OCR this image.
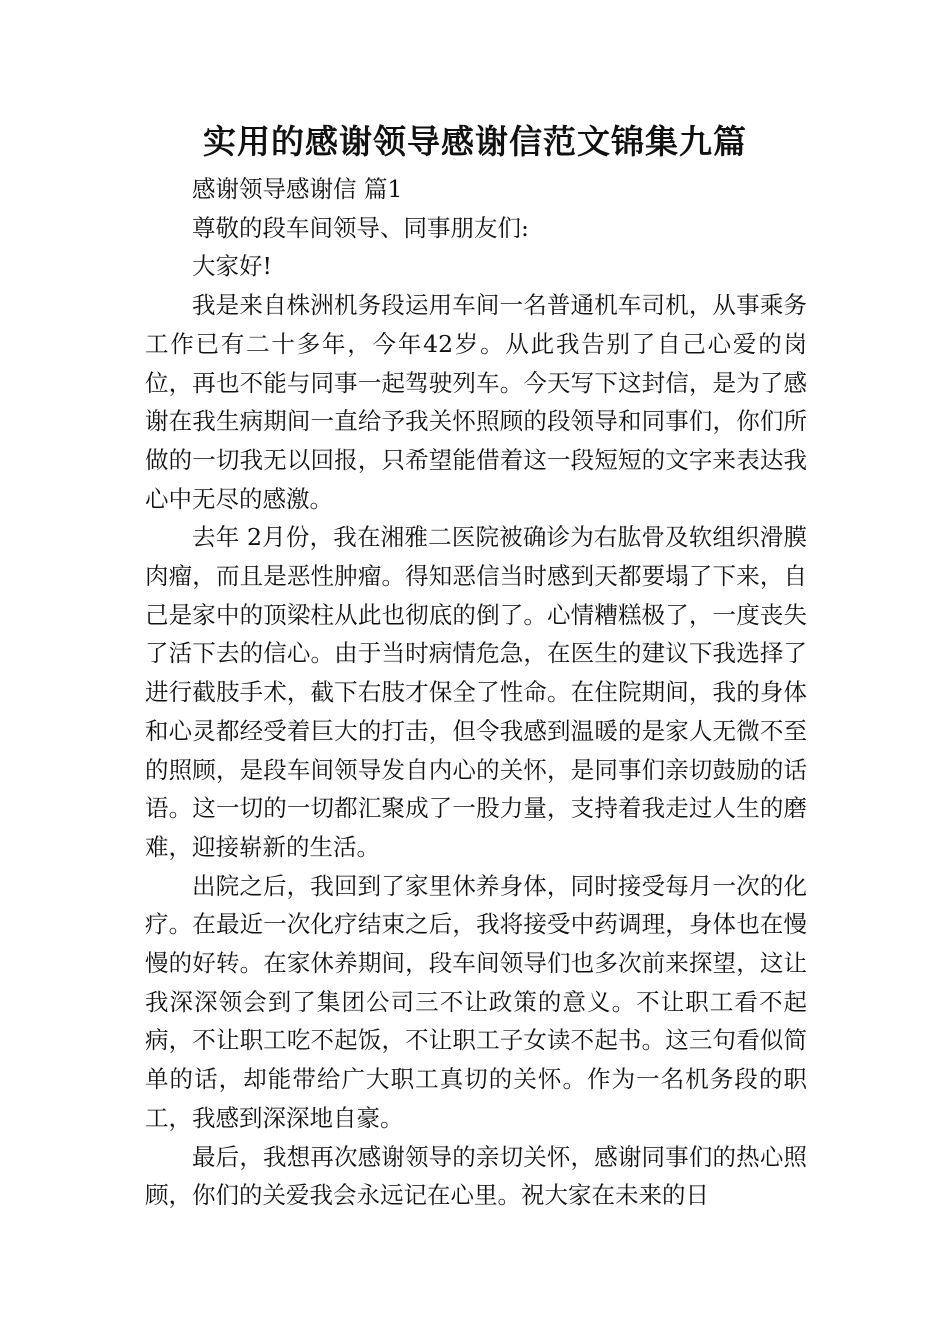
实用的感谢领导感谢信范文锦集九篇

感谢领导感谢信 篇1

尊敬的段车间领导、同事朋友们:

大家好!

我是来自株洲机务段运用车间一名普通机车司机，从事乘务工作已有二十多年，今年42岁。从此我告别了自己心爱的岗位，再也不能与同事一起驾驶列车。今天写下这封信，是为了感谢在我生病期间一直给予我关怀照顾的段领导和同事们，你们所做的一切我无以回报，只希望能借着这一段短短的文字来表达我心中无尽的感激。

去年 2月份，我在湘雅二医院被确诊为右肱骨及软组织滑膜肉瘤，而且是恶性肿瘤。得知恶信当时感到天都要塌了下来，自己是家中的顶梁柱从此也彻底的倒了。心情糟糕极了，一度丧失了活下去的信心。由于当时病情危急，在医生的建议下我选择了进行截肢手术，截下右肢才保全了性命。在住院期间，我的身体和心灵都经受着巨大的打击，但令我感到温暖的是家人无微不至的照顾，是段车间领导发自内心的关怀，是同事们亲切鼓励的话语。这一切的一切都汇聚成了一股力量，支持着我走过人生的磨难，迎接崭新的生活。

出院之后，我回到了家里休养身体，同时接受每月一次的化疗。在最近一次化疗结束之后，我将接受中药调理，身体也在慢慢的好转。在家休养期间，段车间领导们也多次前来探望，这让我深深领会到了集团公司三不让政策的意义。不让职工看不起病，不让职工吃不起饭，不让职工子女读不起书。这三句看似简单的话，却能带给广大职工真切的关怀。作为一名机务段的职工，我感到深深地自豪。

最后，我想再次感谢领导的亲切关怀，感谢同事们的热心照顾，你们的关爱我会永远记在心里。祝大家在未来的日
